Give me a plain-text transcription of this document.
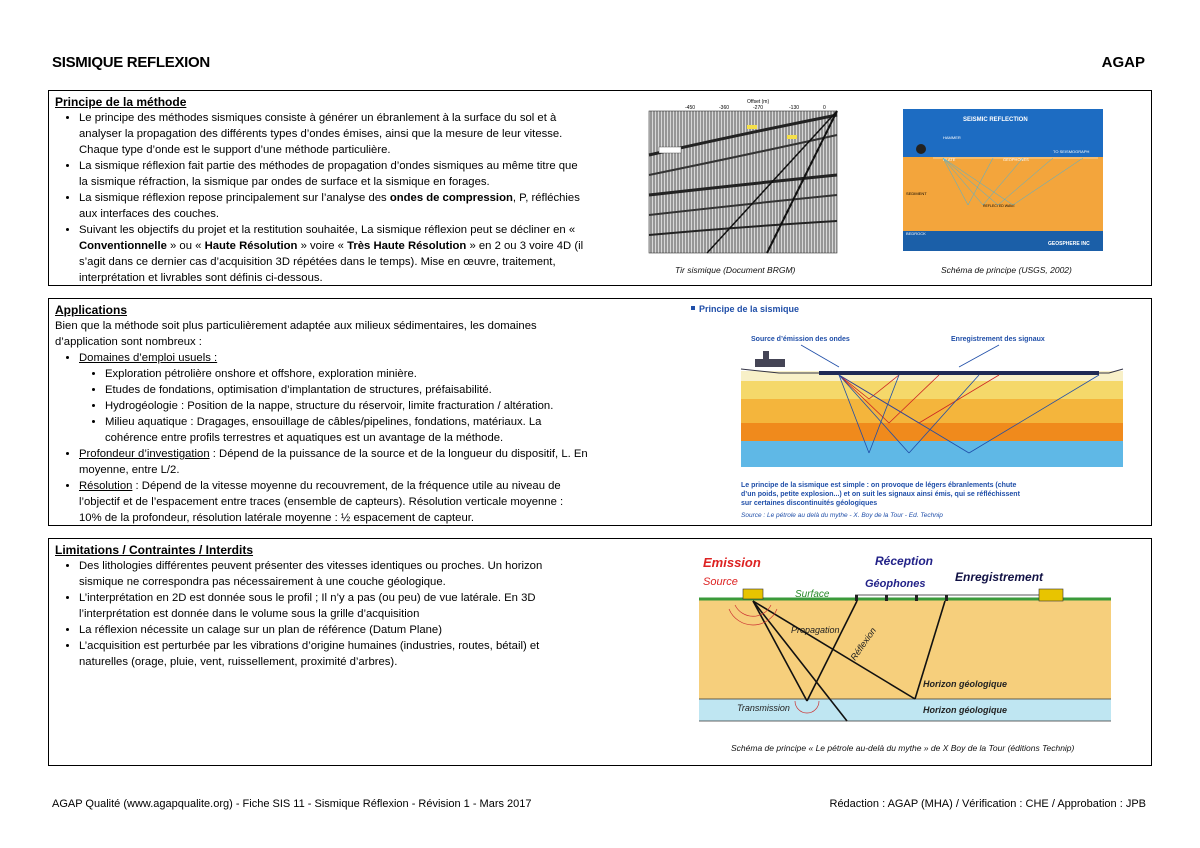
SISMIQUE REFLEXION	AGAP
Principe de la méthode
• Le principe des méthodes sismiques consiste à générer un ébranlement à la surface du sol et à analyser la propagation des différents types d’ondes émises, ainsi que la mesure de leur vitesse. Chaque type d’onde est le support d’une méthode particulière.
• La sismique réflexion fait partie des méthodes de propagation d’ondes sismiques au même titre que la sismique réfraction, la sismique par ondes de surface et la sismique en forages.
• La sismique réflexion repose principalement sur l’analyse des ondes de compression, P, réfléchies aux interfaces des couches.
• Suivant les objectifs du projet et la restitution souhaitée, La sismique réflexion peut se décliner en « Conventionnelle » ou « Haute Résolution » voire « Très Haute Résolution » en 2 ou 3 voire 4D (il s’agit dans ce dernier cas d’acquisition 3D répétées dans le temps). Mise en œuvre, traitement, interprétation et livrables sont définis ci-dessous.
Offset (m)
-450	-360	-270	-130	0
Tir sismique (Document BRGM)
SEISMIC REFLECTION
HAMMER
PLATE	GEOPHONES
TO SEISMOGRAPH
SEDIMENT
REFLECTED WAVE
BEDROCK
GEOSPHERE INC
Schéma de principe (USGS, 2002)
Applications
Bien que la méthode soit plus particulièrement adaptée aux milieux sédimentaires, les domaines d’application sont nombreux :
• Domaines d’emploi usuels :
• Exploration pétrolière onshore et offshore, exploration minière.
• Etudes de fondations, optimisation d’implantation de structures, préfaisabilité.
• Hydrogéologie : Position de la nappe, structure du réservoir, limite fracturation / altération.
• Milieu aquatique : Dragages, ensouillage de câbles/pipelines, fondations, matériaux. La cohérence entre profils terrestres et aquatiques est un avantage de la méthode.
• Profondeur d’investigation : Dépend de la puissance de la source et de la longueur du dispositif, L. En moyenne, entre L/2.
• Résolution : Dépend de la vitesse moyenne du recouvrement, de la fréquence utile au niveau de l’objectif et de l’espacement entre traces (ensemble de capteurs). Résolution verticale moyenne : 10% de la profondeur, résolution latérale moyenne : ½ espacement de capteur.
Principe de la sismique
Source d’émission des ondes	Enregistrement des signaux
Le principe de la sismique est simple : on provoque de légers ébranlements (chute
d’un poids, petite explosion...) et on suit les signaux ainsi émis, qui se réfléchissent
sur certaines discontinuités géologiques
Source : Le pétrole au delà du mythe - X. Boy de la Tour - Ed. Technip
Limitations / Contraintes / Interdits
• Des lithologies différentes peuvent présenter des vitesses identiques ou proches. Un horizon sismique ne correspondra pas nécessairement à une couche géologique.
• L’interprétation en 2D est donnée sous le profil ; Il n’y a pas (ou peu) de vue latérale. En 3D l’interprétation est donnée dans le volume sous la grille d’acquisition
• La réflexion nécessite un calage sur un plan de référence (Datum Plane)
• L’acquisition est perturbée par les vibrations d’origine humaines (industries, routes, bétail) et naturelles (orage, pluie, vent, ruissellement, proximité d’arbres).
Emission	Réception
Source	Géophones Enregistrement
Surface
Propagation Réflexion
Horizon géologique
Horizon géologique
Transmission
Schéma de principe « Le pétrole au-delà du mythe » de X Boy de la Tour (éditions Technip)
AGAP Qualité (www.agapqualite.org) - Fiche SIS 11 - Sismique Réflexion - Révision 1 - Mars 2017	Rédaction : AGAP (MHA) / Vérification : CHE / Approbation : JPB
